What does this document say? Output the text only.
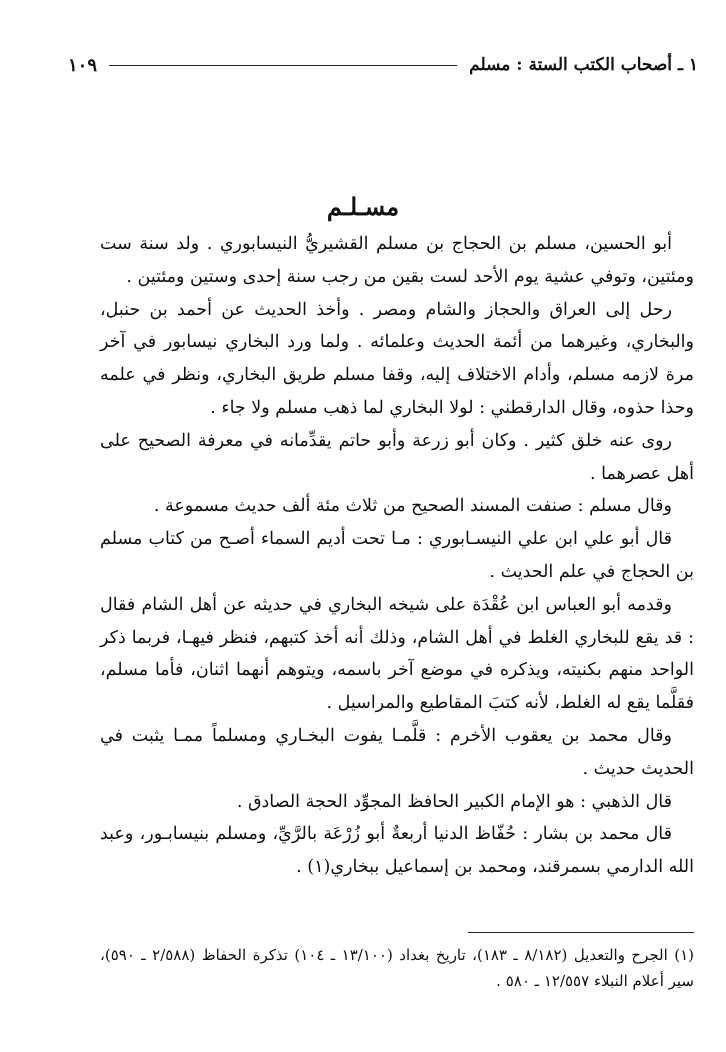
١ ـ أصحاب الكتب الستة : مسلم
١٠٩
مسـلـم

أبو الحسين، مسلم بن الحجاج بن مسلم القشيريُّ النيسابوري . ولد سنة ست ومئتين، وتوفي عشية يوم الأحد لست بقين من رجب سنة إحدى وستين ومئتين .

رحل إلى العراق والحجاز والشام ومصر . وأخذ الحديث عن أحمد بن حنبل، والبخاري، وغيرهما من أئمة الحديث وعلمائه . ولما ورد البخاري نيسابور في آخر مرة لازمه مسلم، وأدام الاختلاف إليه، وقفا مسلم طريق البخاري، ونظر في علمه وحذا حذوه، وقال الدارقطني : لولا البخاري لما ذهب مسلم ولا جاء .

روى عنه خلق كثير . وكان أبو زرعة وأبو حاتم يقدِّمانه في معرفة الصحيح على أهل عصرهما .

وقال مسلم : صنفت المسند الصحيح من ثلاث مئة ألف حديث مسموعة .

قال أبو علي ابن علي النيسـابوري : مـا تحت أديم السماء أصـح من كتاب مسلم بن الحجاج في علم الحديث .

وقدمه أبو العباس ابن عُقْدَة على شيخه البخاري في حديثه عن أهل الشام فقال : قد يقع للبخاري الغلط في أهل الشام، وذلك أنه أخذ كتبهم، فنظر فيهـا، فربما ذكر الواحد منهم بكنيته، ويذكره في موضع آخر باسمه، ويتوهم أنهما اثنان، فأما مسلم، فقلَّما يقع له الغلط، لأنه كتبَ المقاطيع والمراسيل .

وقال محمد بن يعقوب الأخرم : قلَّمـا يفوت البخـاري ومسلماً ممـا يثبت في الحديث حديث .

قال الذهبي : هو الإمام الكبير الحافظ المجوِّد الحجة الصادق .

قال محمد بن بشار : حُفّاظ الدنيا أربعةٌ أبو زُرْعَة بالرَّيِّ، ومسلم بنيسابـور، وعبد الله الدارمي بسمرقند، ومحمد بن إسماعيل ببخاري(١) .

(١) الجرح والتعديل (٨/١٨٢ ـ ١٨٣)، تاريخ بغداد (١٣/١٠٠ ـ ١٠٤) تذكرة الحفاظ (٢/٥٨٨ ـ ٥٩٠)، سير أعلام النبلاء ١٢/٥٥٧ ـ ٥٨٠ .
